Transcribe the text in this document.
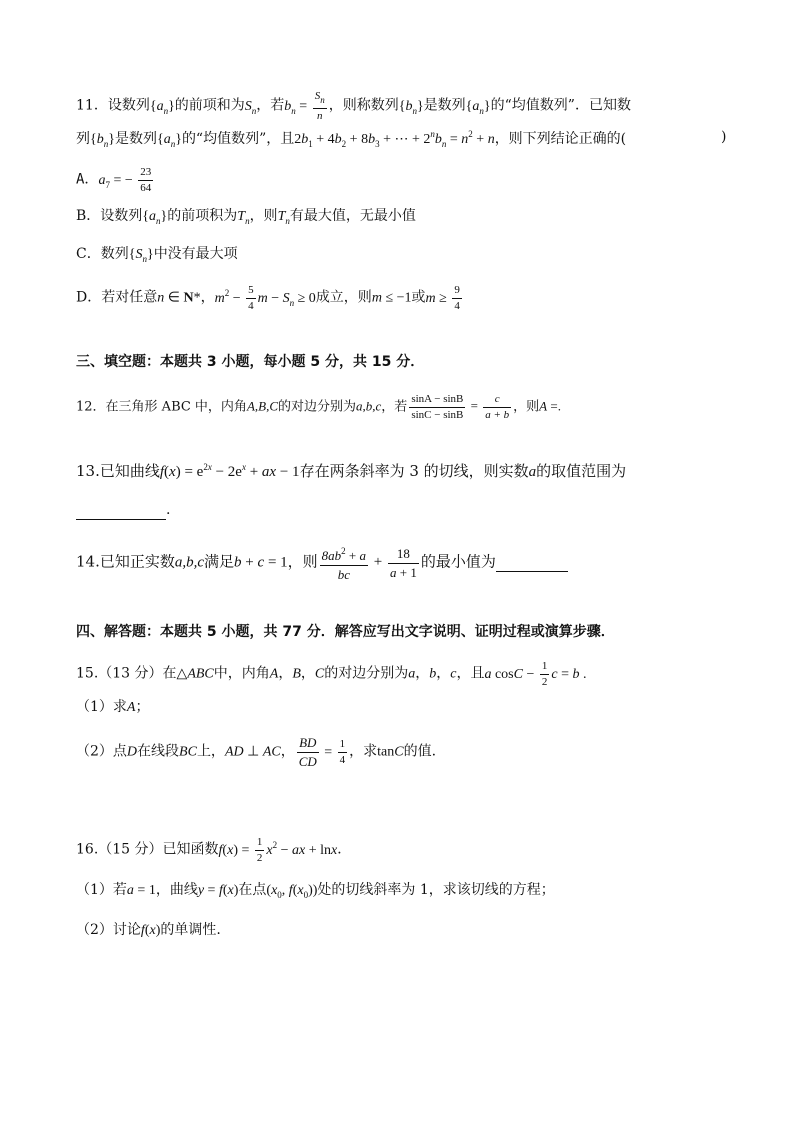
11．设数列$\{a_n\}$的前项和为$S_n$，若$b_n = \frac{S_n}{n}$ ，则称数列$\{b_n\}$是数列$\{a_n\}$的“均值数列”．已知数
列$\{b_n\}$是数列$\{a_n\}$的“均值数列”，且$2b_1 + 4b_2 + 8b_3$ + ⋯ + $2^nb_n = n^2 + n$，则下列结论正确的(	)
A．$a_7$ = − $\frac{23}{64}$
B．设数列$\{a_n\}$的前项积为$T_n$，则$T_n$有最大值，无最小值
C．数列$\{S_n\}$中没有最大项
D．若对任意n ∈ N*，$m^2 - \frac{5}{4}$ $m - S_n \ge 0$成立，则m ≤ −1或$m \ge \frac{9}{4}$
三、填空题：本题共 3 小题，每小题 5 分，共 15 分．
12．在三角形 ABC 中，内角A,B,C的对边分别为a,b,c，若 $\frac{\sin A - \sin B}{\sin C - \sin B} = \frac{c}{a + b}$ ，则A =.
13.已知曲线$f(x) = e^{2x} - 2e^x$ + ax − 1存在两条斜率为 3 的切线，则实数a的取值范围为
.
14.已知正实数a,b,c满足b + c = 1，则 $\frac{8ab^2 + a}{bc} + \frac{18}{a + 1}$ 的最小值为
四、解答题：本题共 5 小题，共 77 分．解答应写出文字说明、证明过程或演算步骤．
15.（13 分）在△ABC中，内角A，B，C的对边分别为a，b，c，且a $\cos C - \frac{1}{2}$ c = b .
（1）求A；
（2）点D在线段BC上，AD ⊥ AC， $\frac{BD}{CD} = \frac{1}{4}$ ，求tanC的值.
16.（15 分）已知函数$f(x) = \frac{1}{2} x^2$ − ax + lnx．
（1）若a = 1，曲线y = f(x)在点($x_0$, $f(x_0)$)处的切线斜率为 1，求该切线的方程；
（2）讨论f(x)的单调性.
